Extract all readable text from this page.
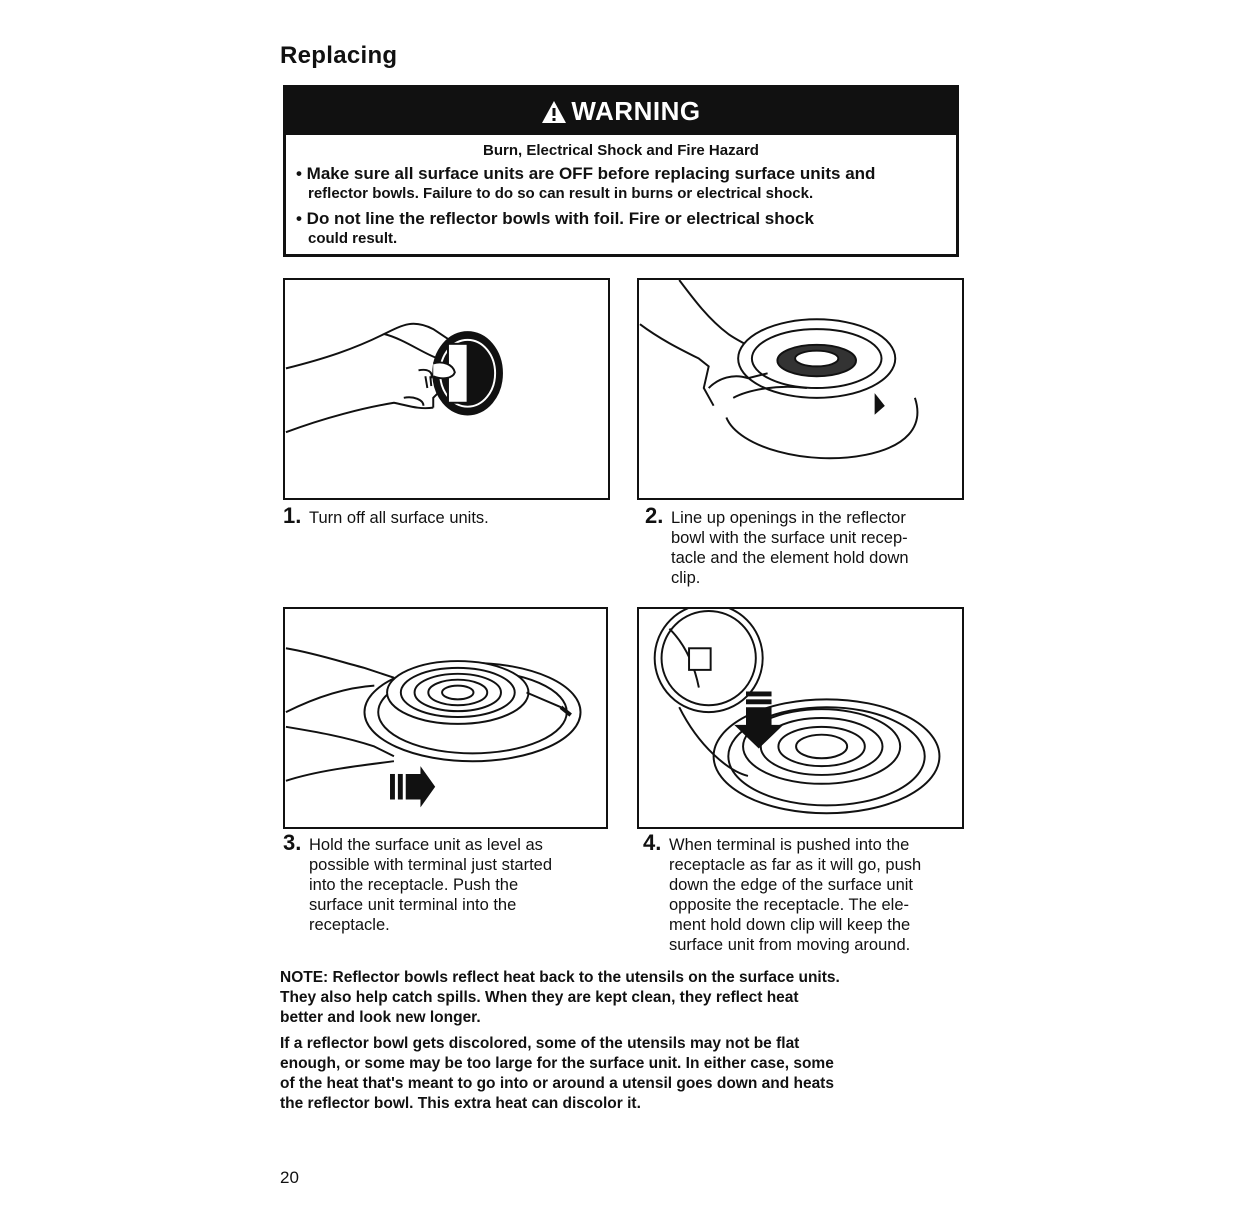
Replacing
WARNING
Burn, Electrical Shock and Fire Hazard
• Make sure all surface units are OFF before replacing surface units and
reflector bowls. Failure to do so can result in burns or electrical shock.
• Do not line the reflector bowls with foil. Fire or electrical shock
could result.
1. Turn off all surface units.	2. Line up openings in the reflector
bowl with the surface unit recep-
tacle and the element hold down
clip.
3. Hold the surface unit as level as
possible with terminal just started
into the receptacle. Push the
surface unit terminal into the
receptacle.
4. When terminal is pushed into the
receptacle as far as it will go, push
down the edge of the surface unit
opposite the receptacle. The ele-
ment hold down clip will keep the
surface unit from moving around.
NOTE: Reflector bowls reflect heat back to the utensils on the surface units.
They also help catch spills. When they are kept clean, they reflect heat
better and look new longer.
If a reflector bowl gets discolored, some of the utensils may not be flat
enough, or some may be too large for the surface unit. In either case, some
of the heat that's meant to go into or around a utensil goes down and heats
the reflector bowl. This extra heat can discolor it.
20
